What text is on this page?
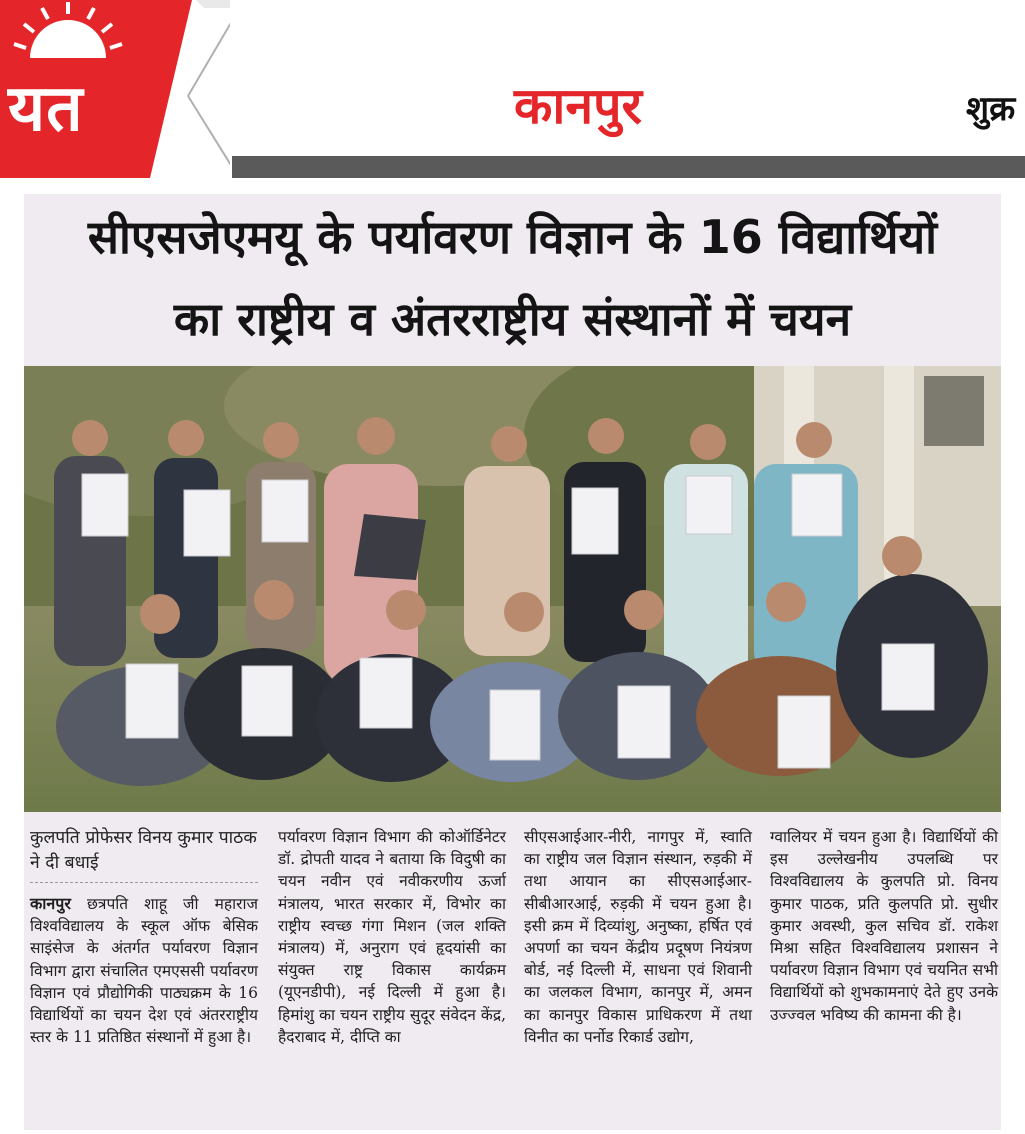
यत	कानपुर	शुक्र
सीएसजेएमयू के पर्यावरण विज्ञान के 16 विद्यार्थियों
का राष्ट्रीय व अंतरराष्ट्रीय संस्थानों में चयन
कुलपति प्रोफेसर विनय कुमार पाठक ने दी बधाई
कानपुर छत्रपति शाहू जी महाराज विश्वविद्यालय के स्कूल ऑफ बेसिक साइंसेज के अंतर्गत पर्यावरण विज्ञान विभाग द्वारा संचालित एमएससी पर्यावरण विज्ञान एवं प्रौद्योगिकी पाठ्यक्रम के 16 विद्यार्थियों का चयन देश एवं अंतरराष्ट्रीय स्तर के 11 प्रतिष्ठित संस्थानों में हुआ है।
पर्यावरण विज्ञान विभाग की कोऑर्डिनेटर डॉ. द्रोपती यादव ने बताया कि विदुषी का चयन नवीन एवं नवीकरणीय ऊर्जा मंत्रालय, भारत सरकार में, विभोर का राष्ट्रीय स्वच्छ गंगा मिशन (जल शक्ति मंत्रालय) में, अनुराग एवं हृदयांसी का संयुक्त राष्ट्र विकास कार्यक्रम (यूएनडीपी), नई दिल्ली में हुआ है। हिमांशु का चयन राष्ट्रीय सुदूर संवेदन केंद्र, हैदराबाद में, दीप्ति का
सीएसआईआर-नीरी, नागपुर में, स्वाति का राष्ट्रीय जल विज्ञान संस्थान, रुड़की में तथा आयान का सीएसआईआर-सीबीआरआई, रुड़की में चयन हुआ है। इसी क्रम में दिव्यांशु, अनुष्का, हर्षित एवं अपर्णा का चयन केंद्रीय प्रदूषण नियंत्रण बोर्ड, नई दिल्ली में, साधना एवं शिवानी का जलकल विभाग, कानपुर में, अमन का कानपुर विकास प्राधिकरण में तथा विनीत का पर्नोड रिकार्ड उद्योग,
ग्वालियर में चयन हुआ है। विद्यार्थियों की इस उल्लेखनीय उपलब्धि पर विश्वविद्यालय के कुलपति प्रो. विनय कुमार पाठक, प्रति कुलपति प्रो. सुधीर कुमार अवस्थी, कुल सचिव डॉ. राकेश मिश्रा सहित विश्वविद्यालय प्रशासन ने पर्यावरण विज्ञान विभाग एवं चयनित सभी विद्यार्थियों को शुभकामनाएं देते हुए उनके उज्ज्वल भविष्य की कामना की है।
